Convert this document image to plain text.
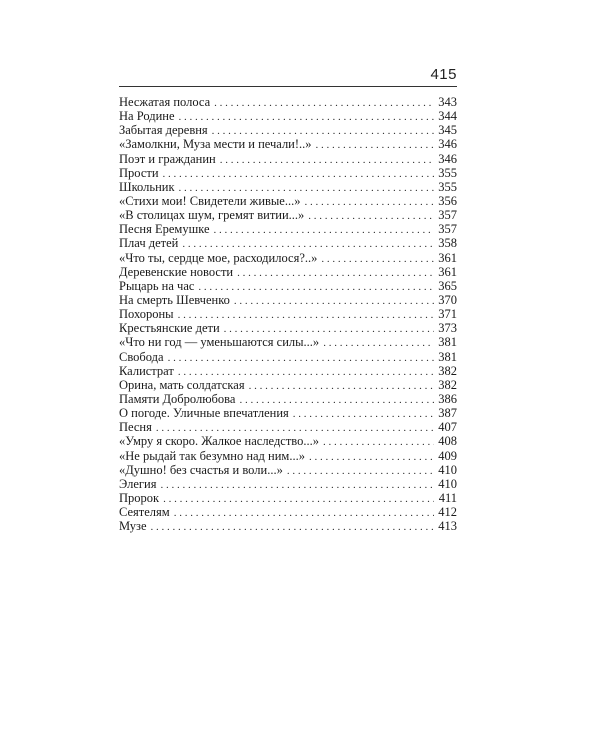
415
Несжатая полоса . . .	343
На Родине . . .	344
Забытая деревня . . .	345
«Замолкни, Муза мести и печали!..» . . .	346
Поэт и гражданин . . .	346
Прости . . .	355
Школьник . . .	355
«Стихи мои! Свидетели живые...» . . .	356
«В столицах шум, гремят витии...» . . .	357
Песня Еремушке . . .	357
Плач детей . . .	358
«Что ты, сердце мое, расходилося?..» . . .	361
Деревенские новости . . .	361
Рыцарь на час . . .	365
На смерть Шевченко . . .	370
Похороны . . .	371
Крестьянские дети . . .	373
«Что ни год — уменьшаются силы...» . . .	381
Свобода . . .	381
Калистрат . . .	382
Орина, мать солдатская . . .	382
Памяти Добролюбова . . .	386
О погоде. Уличные впечатления . . .	387
Песня . . .	407
«Умру я скоро. Жалкое наследство...» . . .	408
«Не рыдай так безумно над ним...» . . .	409
«Душно! без счастья и воли...» . . .	410
Элегия . . .	410
Пророк . . .	411
Сеятелям . . .	412
Музе . . .	413
